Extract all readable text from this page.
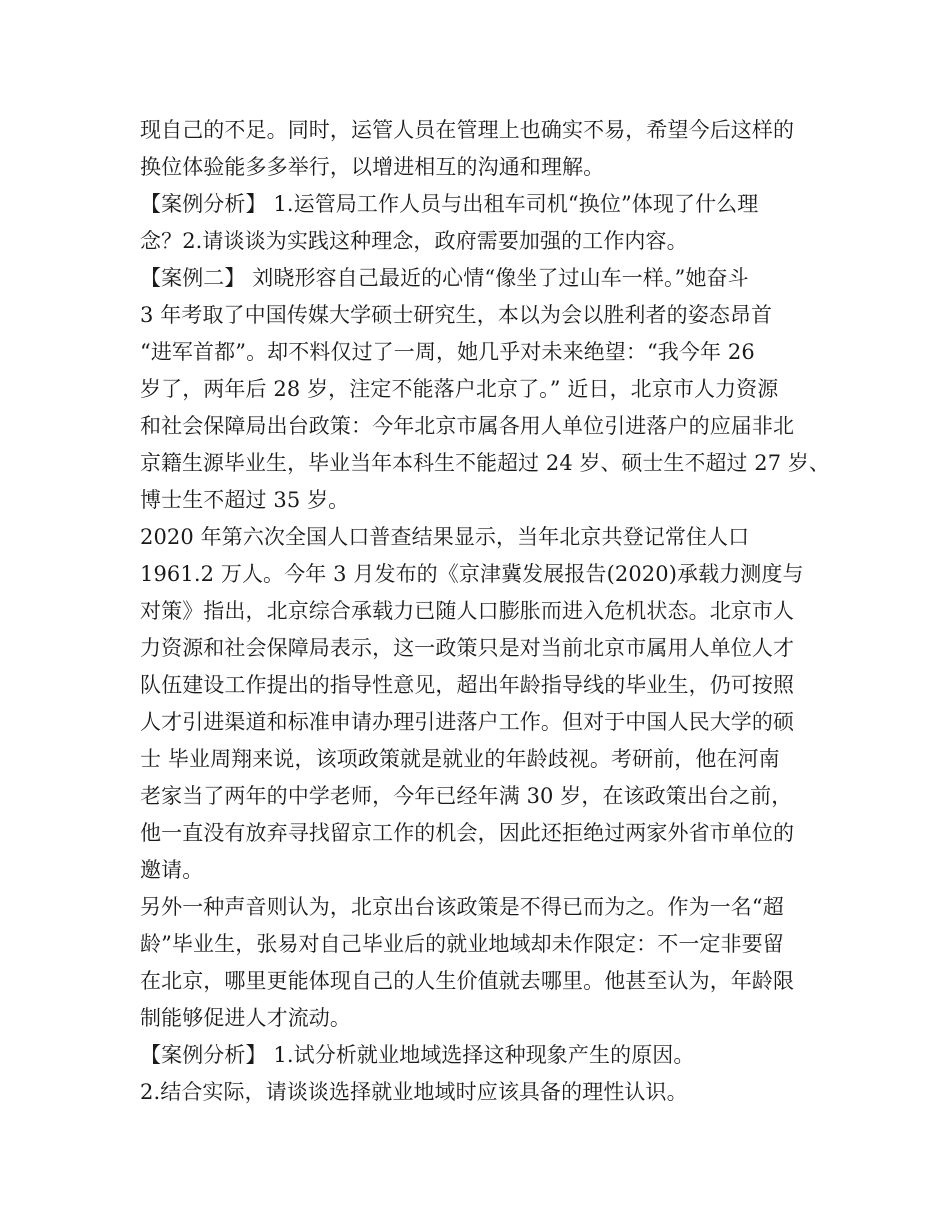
现自己的不足。同时，运管人员在管理上也确实不易，希望今后这样的
换位体验能多多举行，以增进相互的沟通和理解。
【案例分析】 1.运管局工作人员与出租车司机“换位”体现了什么理
念？2.请谈谈为实践这种理念，政府需要加强的工作内容。
【案例二】 刘晓形容自己最近的心情“像坐了过山车一样。”她奋斗
3 年考取了中国传媒大学硕士研究生，本以为会以胜利者的姿态昂首
“进军首都”。却不料仅过了一周，她几乎对未来绝望：“我今年 26
岁了，两年后 28 岁，注定不能落户北京了。” 近日，北京市人力资源
和社会保障局出台政策：今年北京市属各用人单位引进落户的应届非北
京籍生源毕业生，毕业当年本科生不能超过 24 岁、硕士生不超过 27 岁、
博士生不超过 35 岁。
2020 年第六次全国人口普查结果显示，当年北京共登记常住人口
1961.2 万人。今年 3 月发布的《京津冀发展报告(2020)承载力测度与
对策》指出，北京综合承载力已随人口膨胀而进入危机状态。北京市人
力资源和社会保障局表示，这一政策只是对当前北京市属用人单位人才
队伍建设工作提出的指导性意见，超出年龄指导线的毕业生，仍可按照
人才引进渠道和标准申请办理引进落户工作。但对于中国人民大学的硕
士 毕业周翔来说，该项政策就是就业的年龄歧视。考研前，他在河南
老家当了两年的中学老师，今年已经年满 30 岁，在该政策出台之前，
他一直没有放弃寻找留京工作的机会，因此还拒绝过两家外省市单位的
邀请。
另外一种声音则认为，北京出台该政策是不得已而为之。作为一名“超
龄”毕业生，张易对自己毕业后的就业地域却未作限定：不一定非要留
在北京，哪里更能体现自己的人生价值就去哪里。他甚至认为，年龄限
制能够促进人才流动。
【案例分析】 1.试分析就业地域选择这种现象产生的原因。
2.结合实际，请谈谈选择就业地域时应该具备的理性认识。
